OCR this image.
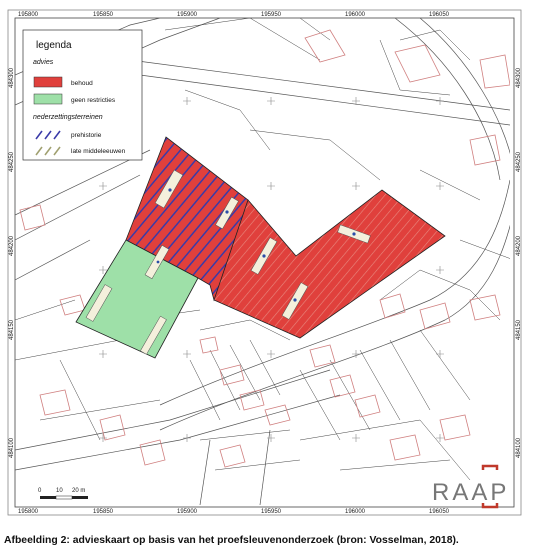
195800	195850	195900	195950	196000	196050
195800	195850	195900	195950	196000	196050
484300
484250
484200
484150
484100
484300
484250
484200
484150
484100
legenda
advies
behoud
geen restricties
nederzettingsterreinen
prehistorie
late middeleeuwen
0 10 20 m	RAAP
Afbeelding 2: advieskaart op basis van het proefsleuvenonderzoek (bron: Vosselman, 2018).
